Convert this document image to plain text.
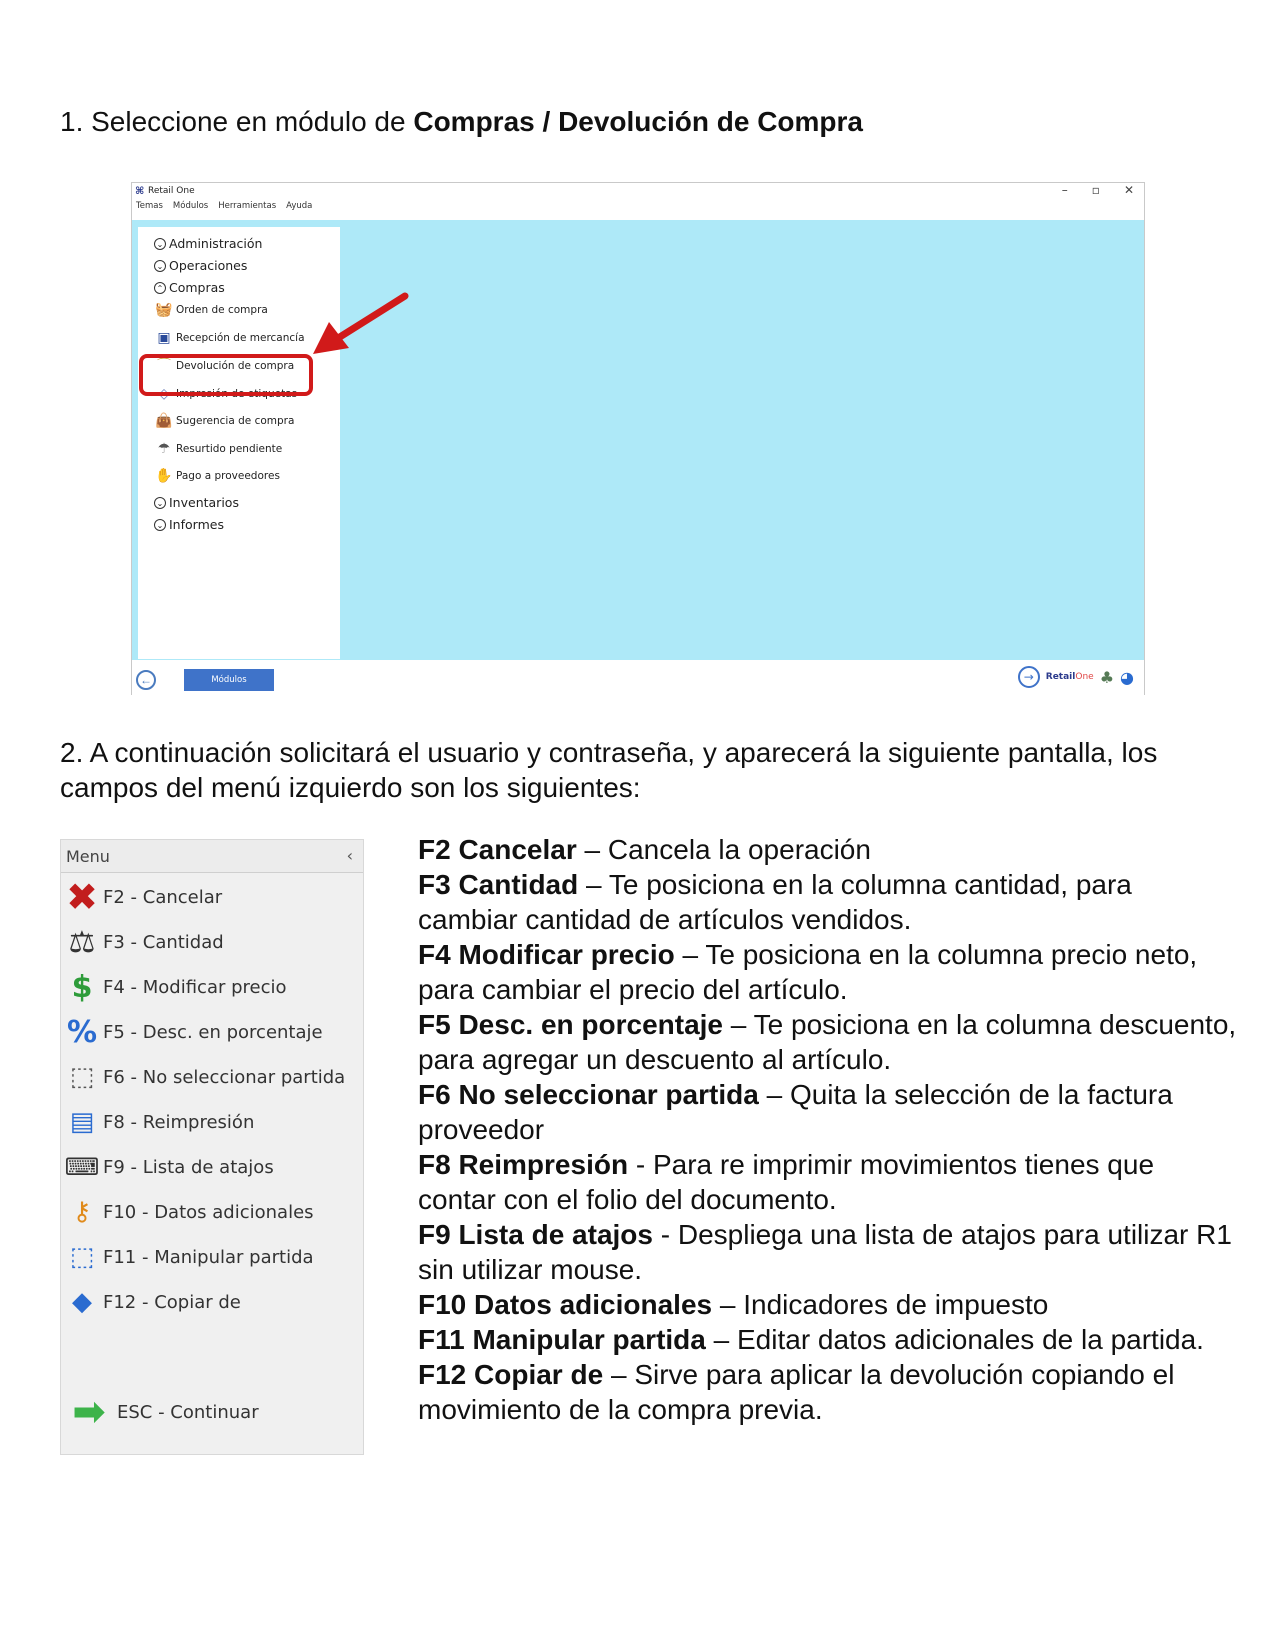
1. Seleccione en módulo de Compras / Devolución de Compra
⌘ Retail One	– ▫ ✕
Temas Módulos Herramientas Ayuda
⌄ Administración
⌄ Operaciones
⌃ Compras
🧺 Orden de compra
▣ Recepción de mercancía
⌒ Devolución de compra
◇ Impresión de etiquetas
👜 Sugerencia de compra
☂ Resurtido pendiente
✋ Pago a proveedores
⌄ Inventarios
⌄ Informes
←	Módulos	→	RetailOne ♣ ◕
2. A continuación solicitará el usuario y contraseña, y aparecerá la siguiente pantalla, los campos del menú izquierdo son los siguientes:
Menu	‹
✖ F2 - Cancelar
⚖ F3 - Cantidad
$ F4 - Modificar precio
% F5 - Desc. en porcentaje
⬚ F6 - No seleccionar partida
▤ F8 - Reimpresión
⌨ F9 - Lista de atajos
⚷ F10 - Datos adicionales
⬚ F11 - Manipular partida
◆ F12 - Copiar de
➡ ESC - Continuar

F2 Cancelar – Cancela la operación

F3 Cantidad – Te posiciona en la columna cantidad, para cambiar cantidad de artículos vendidos.

F4 Modificar precio – Te posiciona en la columna precio neto, para cambiar el precio del artículo.

F5 Desc. en porcentaje – Te posiciona en la columna descuento, para agregar un descuento al artículo.

F6 No seleccionar partida – Quita la selección de la factura proveedor

F8 Reimpresión - Para re imprimir movimientos tienes que contar con el folio del documento.

F9 Lista de atajos - Despliega una lista de atajos para utilizar R1 sin utilizar mouse.

F10 Datos adicionales – Indicadores de impuesto

F11 Manipular partida – Editar datos adicionales de la partida.

F12 Copiar de – Sirve para aplicar la devolución copiando el movimiento de la compra previa.
